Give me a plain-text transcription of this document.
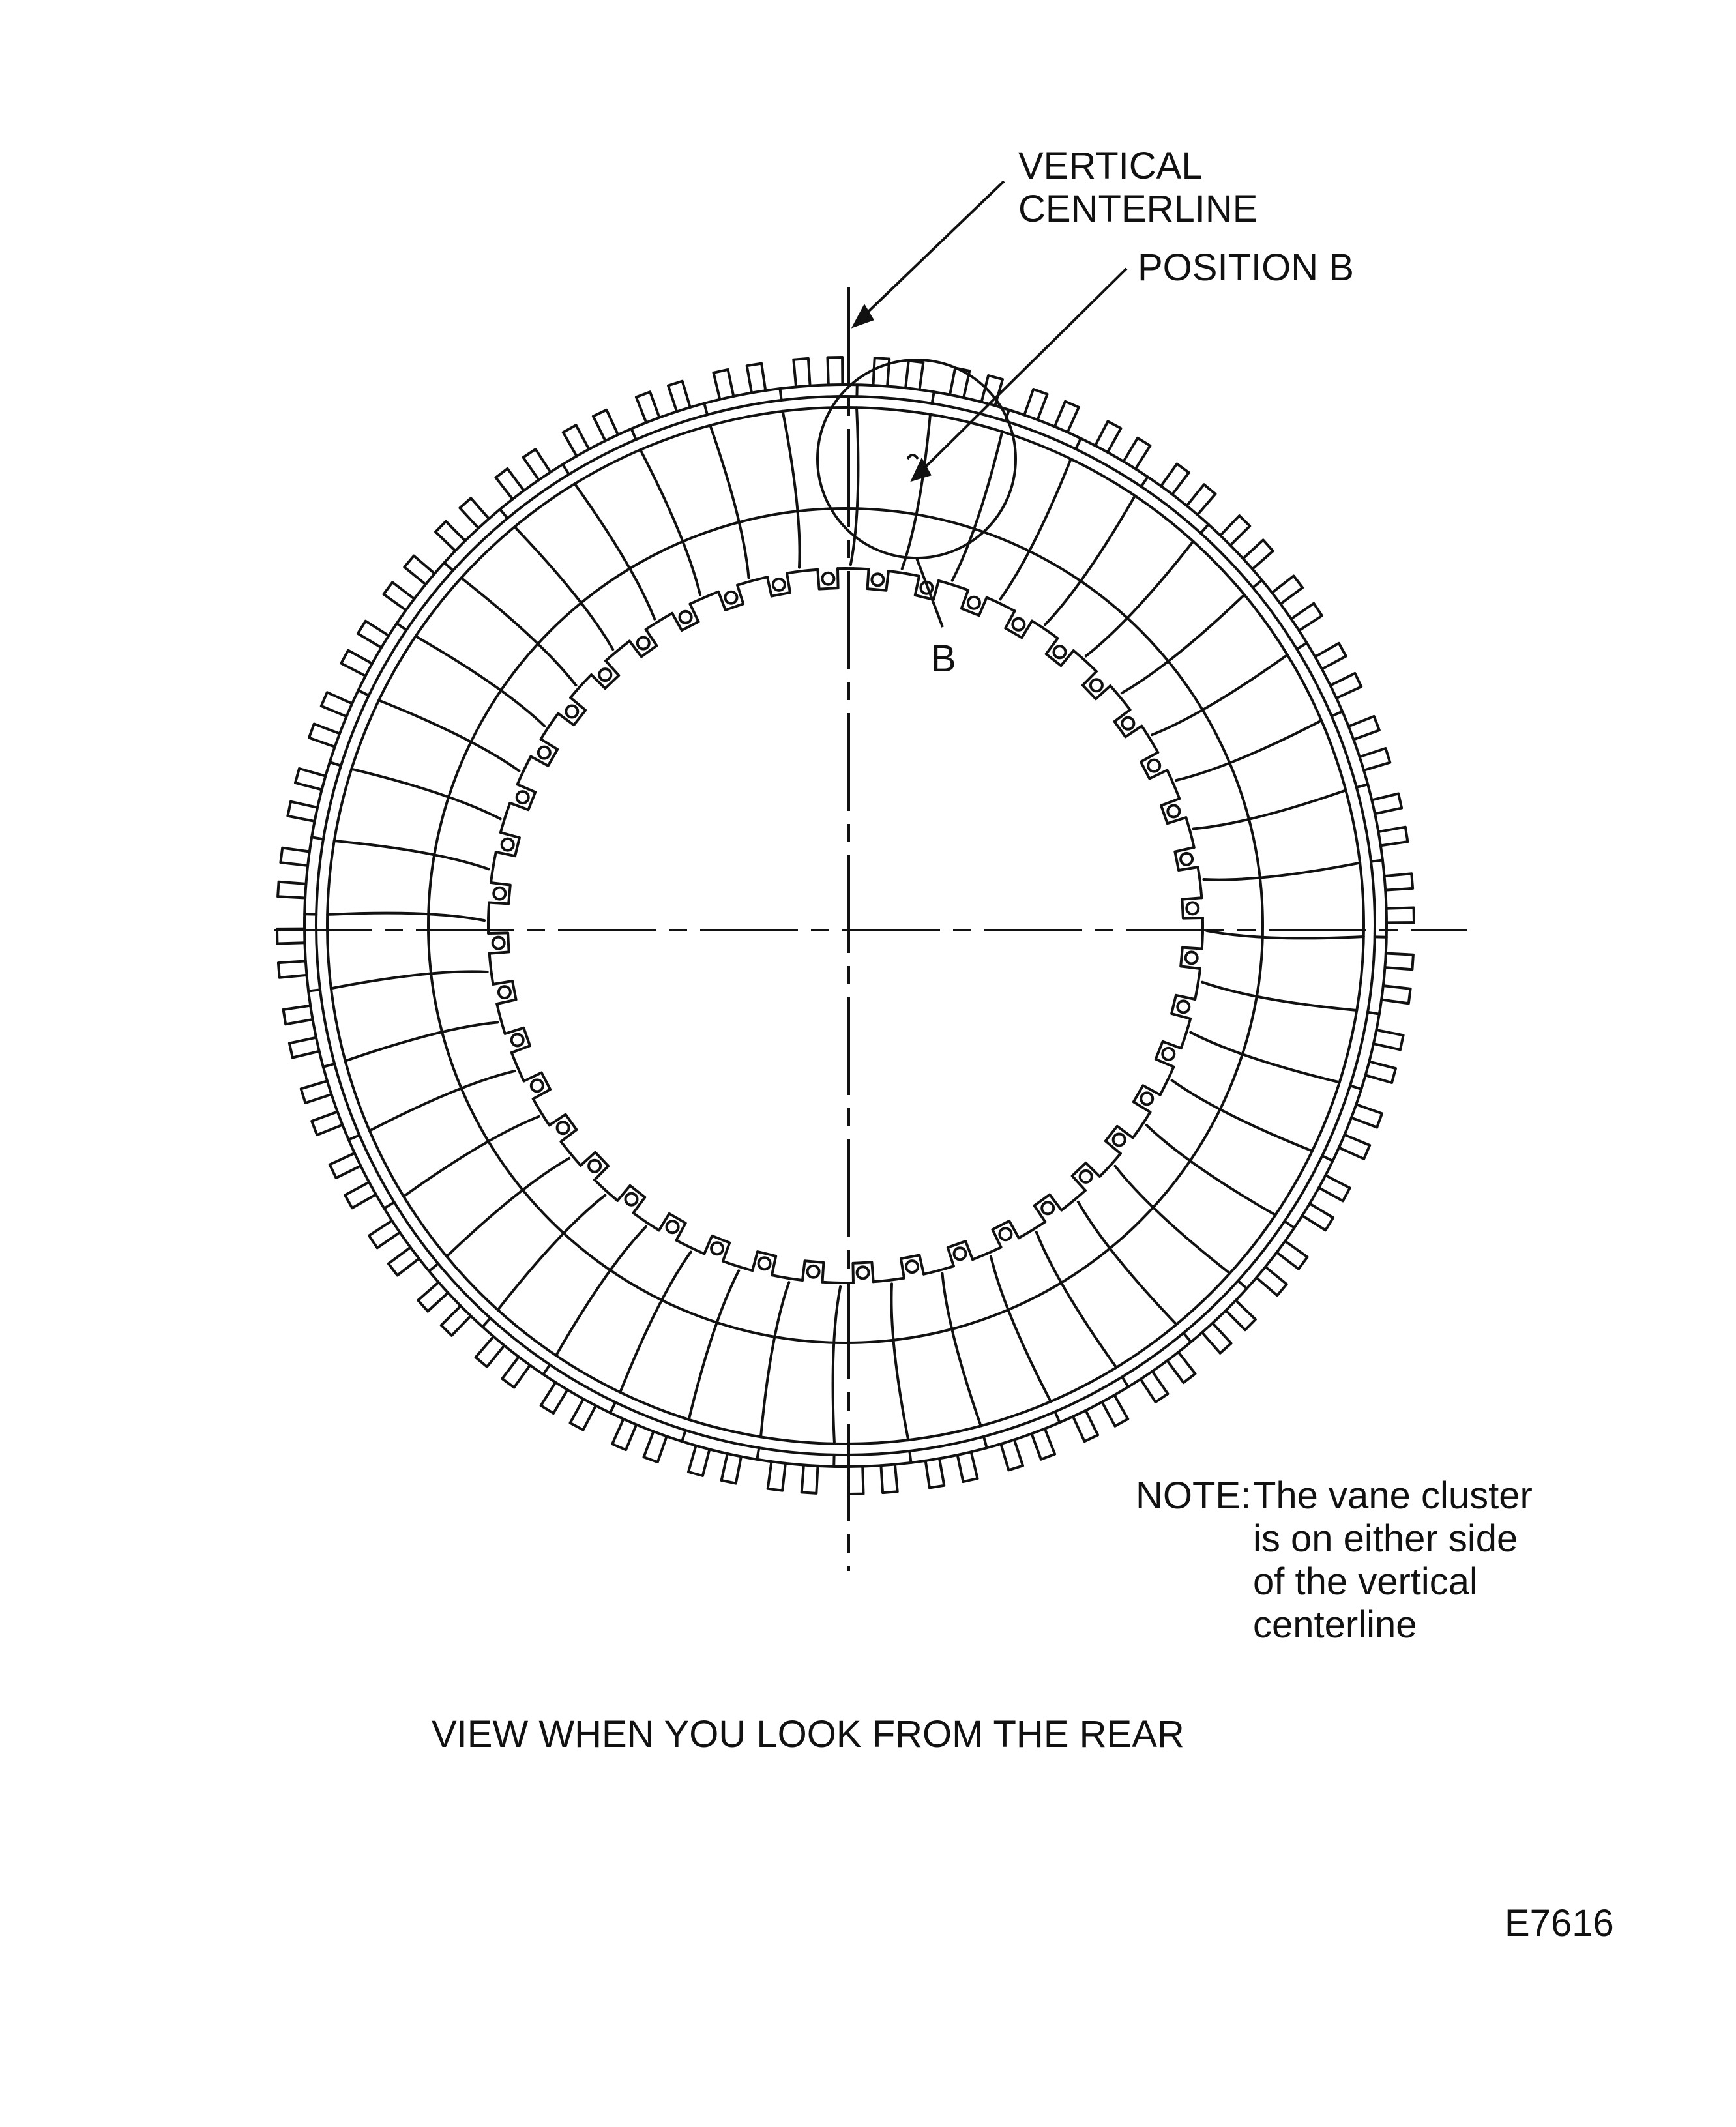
VERTICAL
CENTERLINE
POSITION B
B
NOTE: The vane cluster
is on either side
of the vertical
centerline
VIEW WHEN YOU LOOK FROM THE REAR
E7616
